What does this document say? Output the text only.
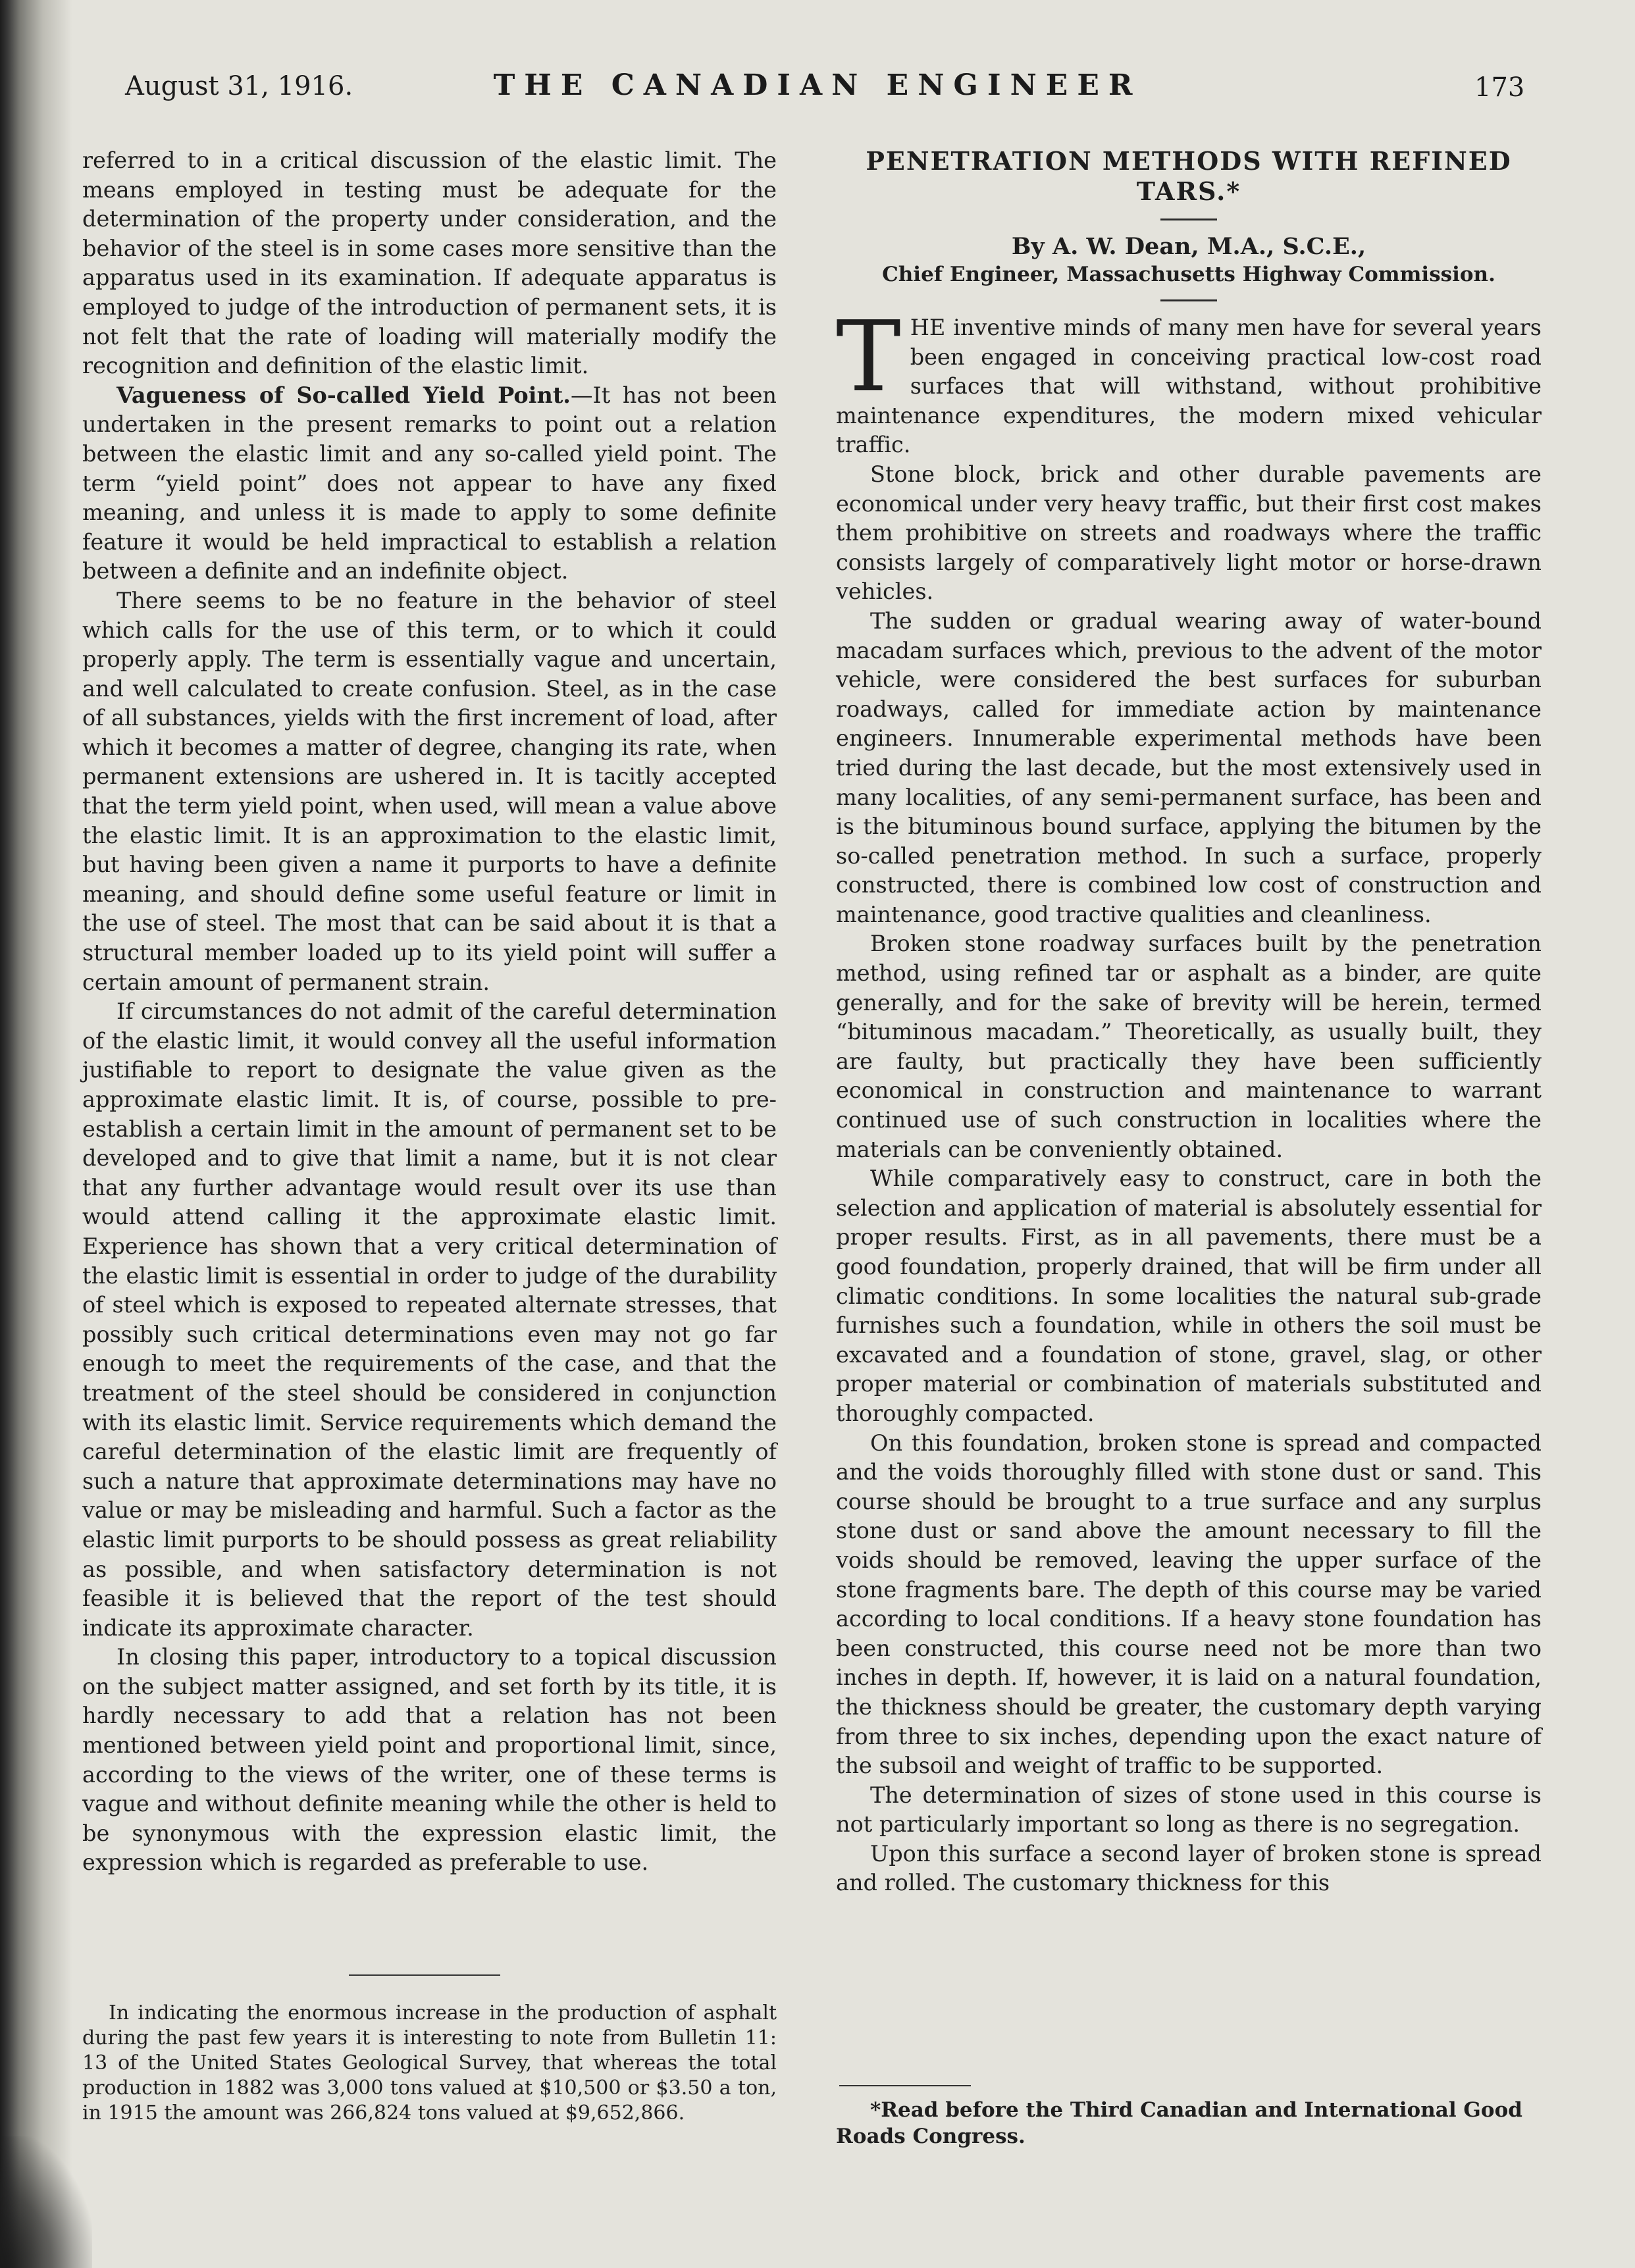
August 31, 1916.	THE CANADIAN ENGINEER	173

referred to in a critical discussion of the elastic limit. The means employed in testing must be adequate for the determination of the property under consideration, and the behavior of the steel is in some cases more sensitive than the apparatus used in its examination. If adequate apparatus is employed to judge of the introduction of permanent sets, it is not felt that the rate of loading will materially modify the recognition and definition of the elastic limit.

Vagueness of So-called Yield Point.—It has not been undertaken in the present remarks to point out a relation between the elastic limit and any so-called yield point. The term “yield point” does not appear to have any fixed meaning, and unless it is made to apply to some definite feature it would be held impractical to establish a relation between a definite and an indefinite object.

There seems to be no feature in the behavior of steel which calls for the use of this term, or to which it could properly apply. The term is essentially vague and uncertain, and well calculated to create confusion. Steel, as in the case of all substances, yields with the first increment of load, after which it becomes a matter of degree, changing its rate, when permanent extensions are ushered in. It is tacitly accepted that the term yield point, when used, will mean a value above the elastic limit. It is an approximation to the elastic limit, but having been given a name it purports to have a definite meaning, and should define some useful feature or limit in the use of steel. The most that can be said about it is that a structural member loaded up to its yield point will suffer a certain amount of permanent strain.

If circumstances do not admit of the careful determination of the elastic limit, it would convey all the useful information justifiable to report to designate the value given as the approximate elastic limit. It is, of course, possible to pre-establish a certain limit in the amount of permanent set to be developed and to give that limit a name, but it is not clear that any further advantage would result over its use than would attend calling it the approximate elastic limit. Experience has shown that a very critical determination of the elastic limit is essential in order to judge of the durability of steel which is exposed to repeated alternate stresses, that possibly such critical determinations even may not go far enough to meet the requirements of the case, and that the treatment of the steel should be considered in conjunction with its elastic limit. Service requirements which demand the careful determination of the elastic limit are frequently of such a nature that approximate determinations may have no value or may be misleading and harmful. Such a factor as the elastic limit purports to be should possess as great reliability as possible, and when satisfactory determination is not feasible it is believed that the report of the test should indicate its approximate character.

In closing this paper, introductory to a topical discussion on the subject matter assigned, and set forth by its title, it is hardly necessary to add that a relation has not been mentioned between yield point and proportional limit, since, according to the views of the writer, one of these terms is vague and without definite meaning while the other is held to be synonymous with the expression elastic limit, the expression which is regarded as preferable to use.

In indicating the enormous increase in the production of asphalt during the past few years it is interesting to note from Bulletin 11: 13 of the United States Geological Survey, that whereas the total production in 1882 was 3,000 tons valued at $10,500 or $3.50 a ton, in 1915 the amount was 266,824 tons valued at $9,652,866.

PENETRATION METHODS WITH REFINED TARS.*

By A. W. Dean, M.A., S.C.E.,

Chief Engineer, Massachusetts Highway Commission.

THE inventive minds of many men have for several years been engaged in conceiving practical low-cost road surfaces that will withstand, without prohibitive maintenance expenditures, the modern mixed vehicular traffic.

Stone block, brick and other durable pavements are economical under very heavy traffic, but their first cost makes them prohibitive on streets and roadways where the traffic consists largely of comparatively light motor or horse-drawn vehicles.

The sudden or gradual wearing away of water-bound macadam surfaces which, previous to the advent of the motor vehicle, were considered the best surfaces for suburban roadways, called for immediate action by maintenance engineers. Innumerable experimental methods have been tried during the last decade, but the most extensively used in many localities, of any semi-permanent surface, has been and is the bituminous bound surface, applying the bitumen by the so-called penetration method. In such a surface, properly constructed, there is combined low cost of construction and maintenance, good tractive qualities and cleanliness.

Broken stone roadway surfaces built by the penetration method, using refined tar or asphalt as a binder, are quite generally, and for the sake of brevity will be herein, termed “bituminous macadam.” Theoretically, as usually built, they are faulty, but practically they have been sufficiently economical in construction and maintenance to warrant continued use of such construction in localities where the materials can be conveniently obtained.

While comparatively easy to construct, care in both the selection and application of material is absolutely essential for proper results. First, as in all pavements, there must be a good foundation, properly drained, that will be firm under all climatic conditions. In some localities the natural sub-grade furnishes such a foundation, while in others the soil must be excavated and a foundation of stone, gravel, slag, or other proper material or combination of materials substituted and thoroughly compacted.

On this foundation, broken stone is spread and compacted and the voids thoroughly filled with stone dust or sand. This course should be brought to a true surface and any surplus stone dust or sand above the amount necessary to fill the voids should be removed, leaving the upper surface of the stone fragments bare. The depth of this course may be varied according to local conditions. If a heavy stone foundation has been constructed, this course need not be more than two inches in depth. If, however, it is laid on a natural foundation, the thickness should be greater, the customary depth varying from three to six inches, depending upon the exact nature of the subsoil and weight of traffic to be supported.

The determination of sizes of stone used in this course is not particularly important so long as there is no segregation.

Upon this surface a second layer of broken stone is spread and rolled. The customary thickness for this

*Read before the Third Canadian and International Good Roads Congress.
